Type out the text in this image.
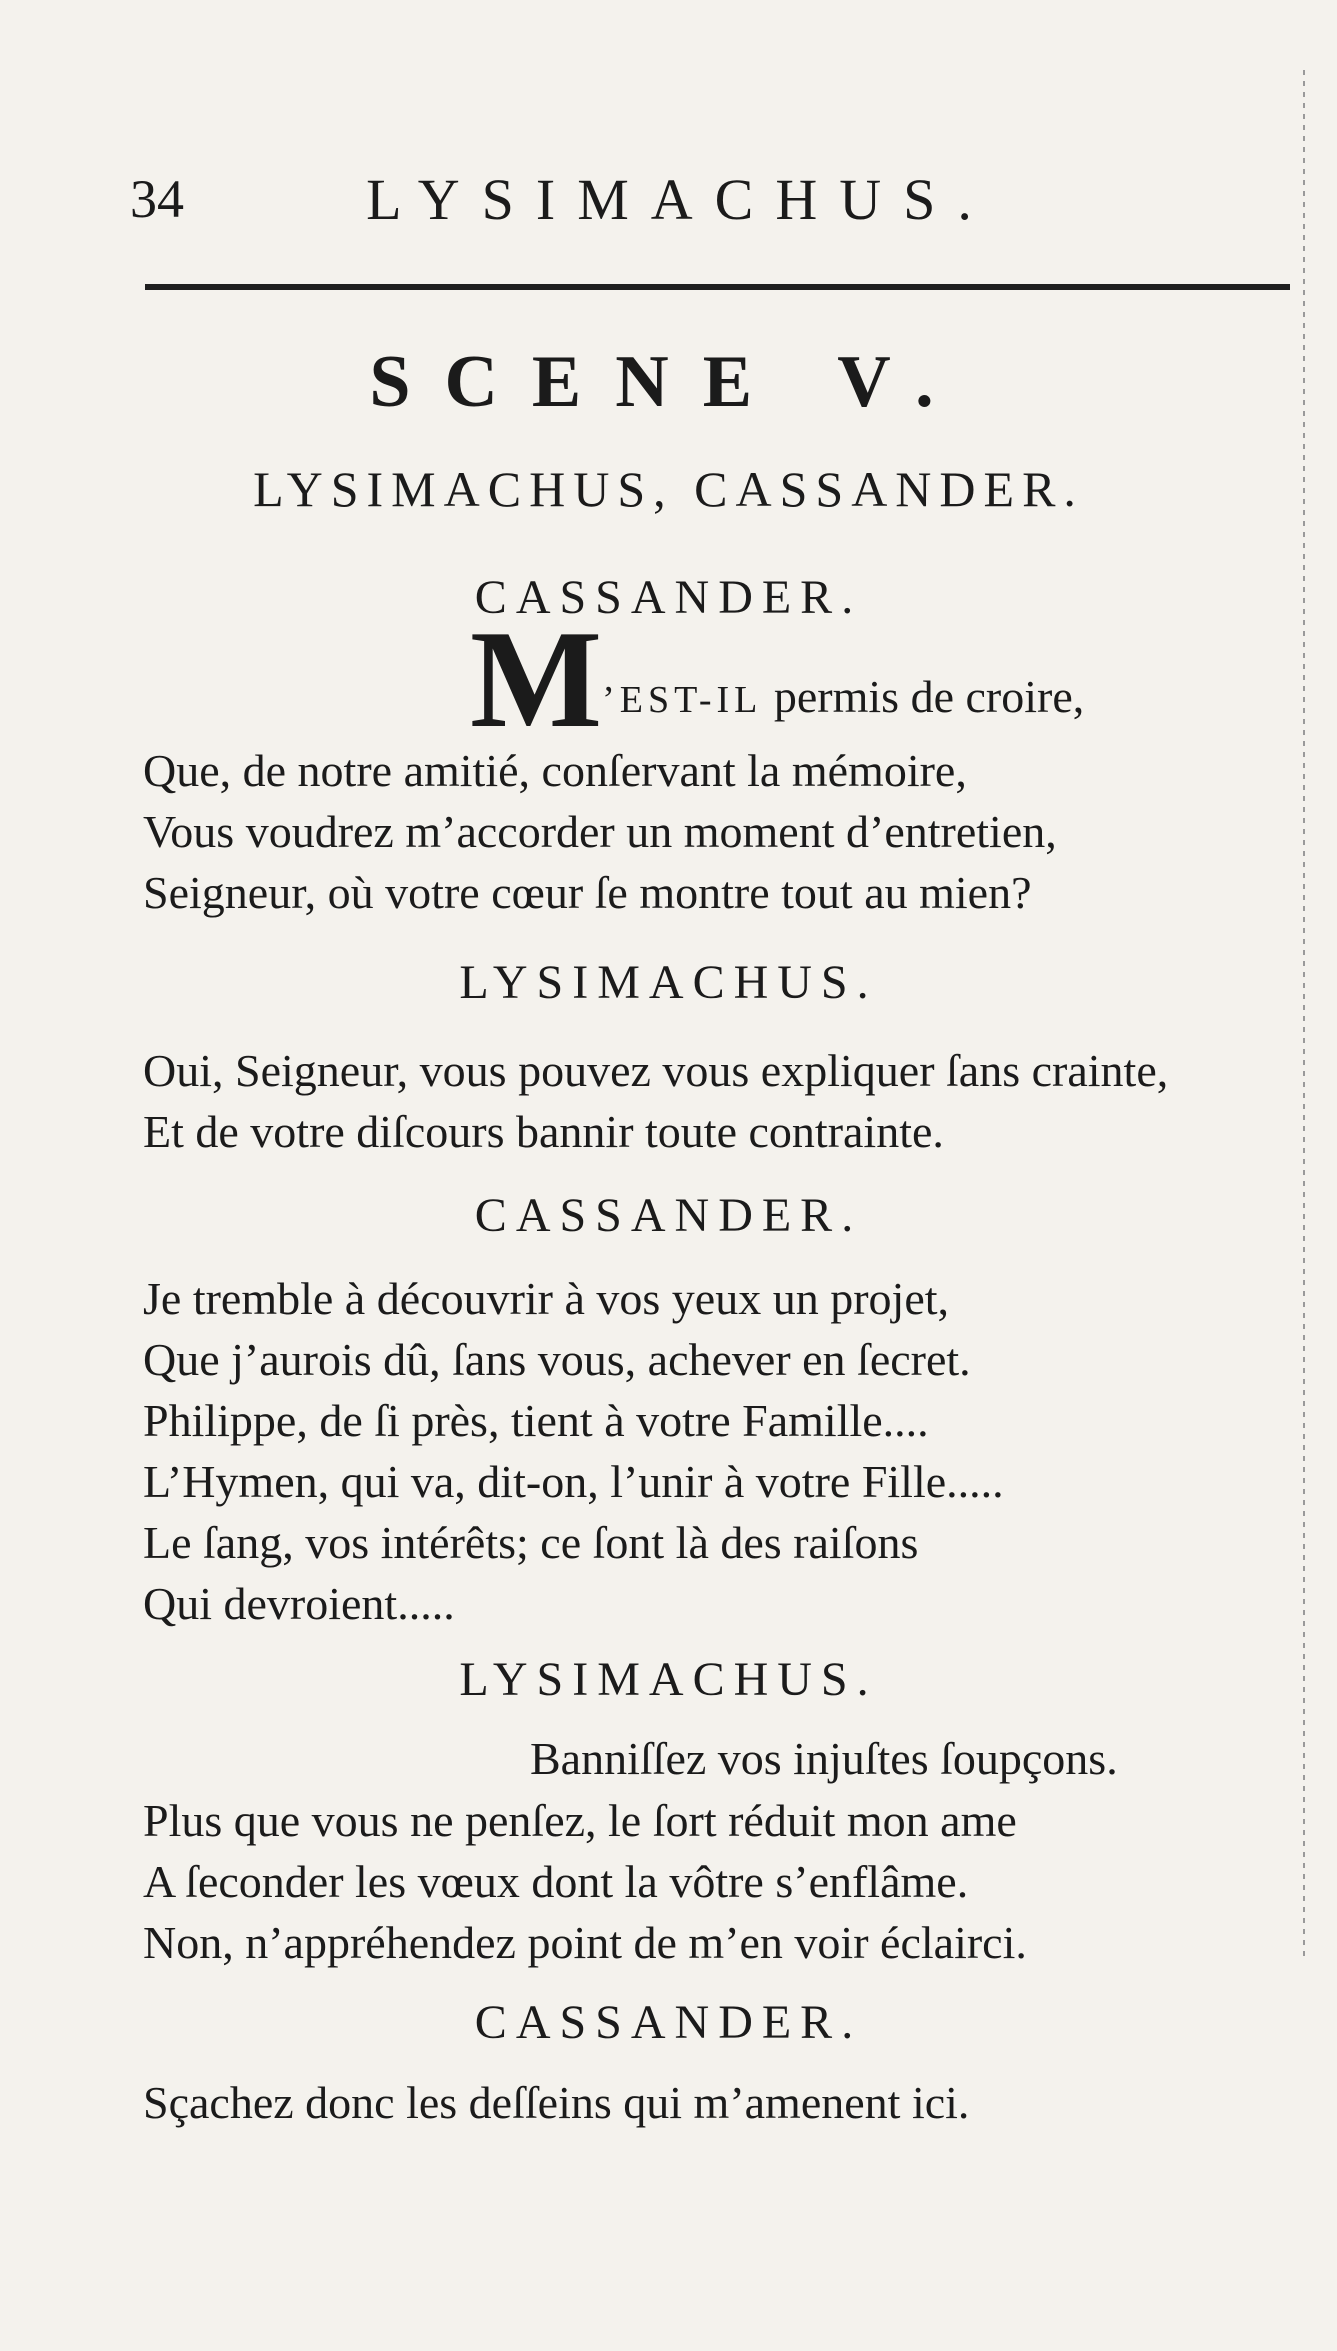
34	LYSIMACHUS.
SCENE V.
LYSIMACHUS, CASSANDER.
CASSANDER.
M’EST-IL permis de croire,
Que, de notre amitié, conſervant la mémoire,
Vous voudrez m’accorder un moment d’entretien,
Seigneur, où votre cœur ſe montre tout au mien?
LYSIMACHUS.
Oui, Seigneur, vous pouvez vous expliquer ſans crainte,
Et de votre diſcours bannir toute contrainte.
CASSANDER.
Je tremble à découvrir à vos yeux un projet,
Que j’aurois dû, ſans vous, achever en ſecret.
Philippe, de ſi près, tient à votre Famille....
L’Hymen, qui va, dit-on, l’unir à votre Fille.....
Le ſang, vos intérêts; ce ſont là des raiſons
Qui devroient.....
LYSIMACHUS.
Banniſſez vos injuſtes ſoupçons.
Plus que vous ne penſez, le ſort réduit mon ame
A ſeconder les vœux dont la vôtre s’enflâme.
Non, n’appréhendez point de m’en voir éclairci.
CASSANDER.
Sçachez donc les deſſeins qui m’amenent ici.
